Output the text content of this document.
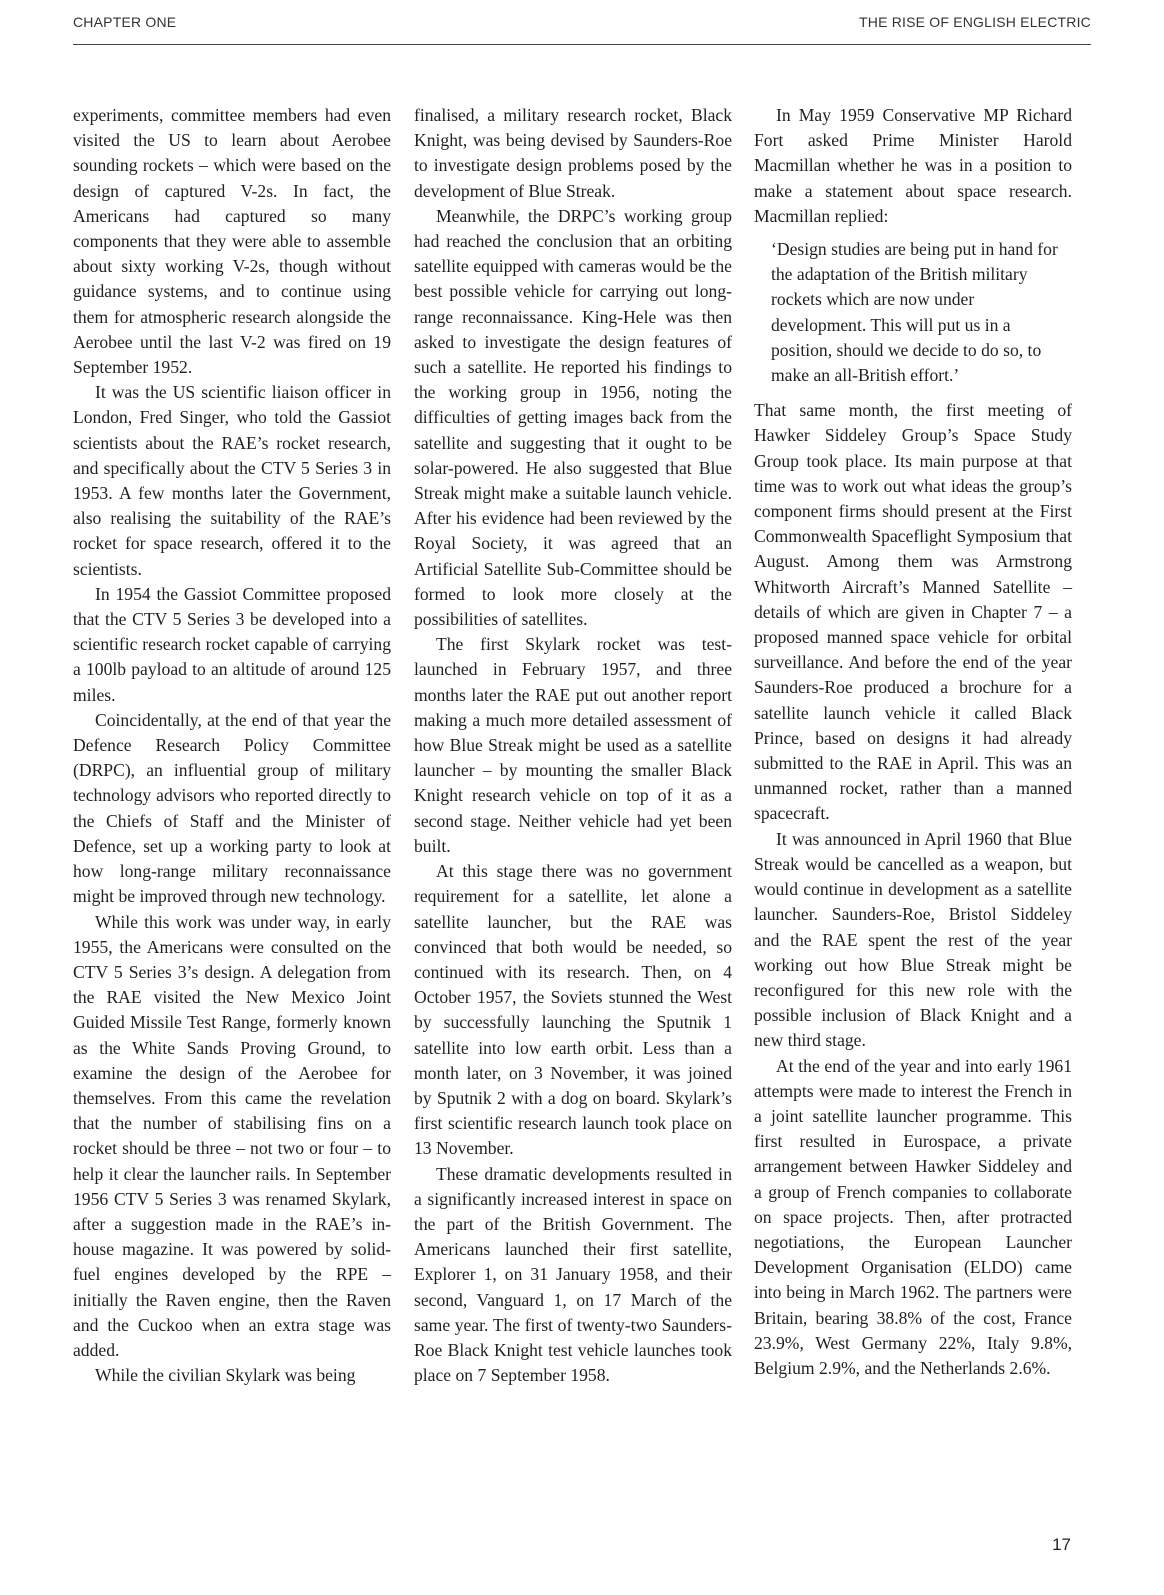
CHAPTER ONE	THE RISE OF ENGLISH ELECTRIC

experiments, committee members had even visited the US to learn about Aerobee sounding rockets – which were based on the design of captured V-2s. In fact, the Americans had captured so many components that they were able to assemble about sixty working V-2s, though without guidance systems, and to continue using them for atmospheric research alongside the Aerobee until the last V-2 was fired on 19 September 1952.

It was the US scientific liaison officer in London, Fred Singer, who told the Gassiot scientists about the RAE’s rocket research, and specifically about the CTV 5 Series 3 in 1953. A few months later the Government, also realising the suitability of the RAE’s rocket for space research, offered it to the scientists.

In 1954 the Gassiot Committee proposed that the CTV 5 Series 3 be developed into a scientific research rocket capable of carrying a 100lb payload to an altitude of around 125 miles.

Coincidentally, at the end of that year the Defence Research Policy Committee (DRPC), an influential group of military technology advisors who reported directly to the Chiefs of Staff and the Minister of Defence, set up a working party to look at how long-range military reconnaissance might be improved through new technology.

While this work was under way, in early 1955, the Americans were consulted on the CTV 5 Series 3’s design. A delegation from the RAE visited the New Mexico Joint Guided Missile Test Range, formerly known as the White Sands Proving Ground, to examine the design of the Aerobee for themselves. From this came the revelation that the number of stabilising fins on a rocket should be three – not two or four – to help it clear the launcher rails. In September 1956 CTV 5 Series 3 was renamed Skylark, after a suggestion made in the RAE’s in-house magazine. It was powered by solid-fuel engines developed by the RPE – initially the Raven engine, then the Raven and the Cuckoo when an extra stage was added.

While the civilian Skylark was being

finalised, a military research rocket, Black Knight, was being devised by Saunders-Roe to investigate design problems posed by the development of Blue Streak.

Meanwhile, the DRPC’s working group had reached the conclusion that an orbiting satellite equipped with cameras would be the best possible vehicle for carrying out long-range reconnaissance. King-Hele was then asked to investigate the design features of such a satellite. He reported his findings to the working group in 1956, noting the difficulties of getting images back from the satellite and suggesting that it ought to be solar-powered. He also suggested that Blue Streak might make a suitable launch vehicle. After his evidence had been reviewed by the Royal Society, it was agreed that an Artificial Satellite Sub-Committee should be formed to look more closely at the possibilities of satellites.

The first Skylark rocket was test-launched in February 1957, and three months later the RAE put out another report making a much more detailed assessment of how Blue Streak might be used as a satellite launcher – by mounting the smaller Black Knight research vehicle on top of it as a second stage. Neither vehicle had yet been built.

At this stage there was no government requirement for a satellite, let alone a satellite launcher, but the RAE was convinced that both would be needed, so continued with its research. Then, on 4 October 1957, the Soviets stunned the West by successfully launching the Sputnik 1 satellite into low earth orbit. Less than a month later, on 3 November, it was joined by Sputnik 2 with a dog on board. Skylark’s first scientific research launch took place on 13 November.

These dramatic developments resulted in a significantly increased interest in space on the part of the British Government. The Americans launched their first satellite, Explorer 1, on 31 January 1958, and their second, Vanguard 1, on 17 March of the same year. The first of twenty-two Saunders-Roe Black Knight test vehicle launches took place on 7 September 1958.

In May 1959 Conservative MP Richard Fort asked Prime Minister Harold Macmillan whether he was in a position to make a statement about space research. Macmillan replied:

‘Design studies are being put in hand for the adaptation of the British military rockets which are now under development. This will put us in a position, should we decide to do so, to make an all-British effort.’

That same month, the first meeting of Hawker Siddeley Group’s Space Study Group took place. Its main purpose at that time was to work out what ideas the group’s component firms should present at the First Commonwealth Spaceflight Symposium that August. Among them was Armstrong Whitworth Aircraft’s Manned Satellite – details of which are given in Chapter 7 – a proposed manned space vehicle for orbital surveillance. And before the end of the year Saunders-Roe produced a brochure for a satellite launch vehicle it called Black Prince, based on designs it had already submitted to the RAE in April. This was an unmanned rocket, rather than a manned spacecraft.

It was announced in April 1960 that Blue Streak would be cancelled as a weapon, but would continue in development as a satellite launcher. Saunders-Roe, Bristol Siddeley and the RAE spent the rest of the year working out how Blue Streak might be reconfigured for this new role with the possible inclusion of Black Knight and a new third stage.

At the end of the year and into early 1961 attempts were made to interest the French in a joint satellite launcher programme. This first resulted in Eurospace, a private arrangement between Hawker Siddeley and a group of French companies to collaborate on space projects. Then, after protracted negotiations, the European Launcher Development Organisation (ELDO) came into being in March 1962. The partners were Britain, bearing 38.8% of the cost, France 23.9%, West Germany 22%, Italy 9.8%, Belgium 2.9%, and the Netherlands 2.6%.

17
